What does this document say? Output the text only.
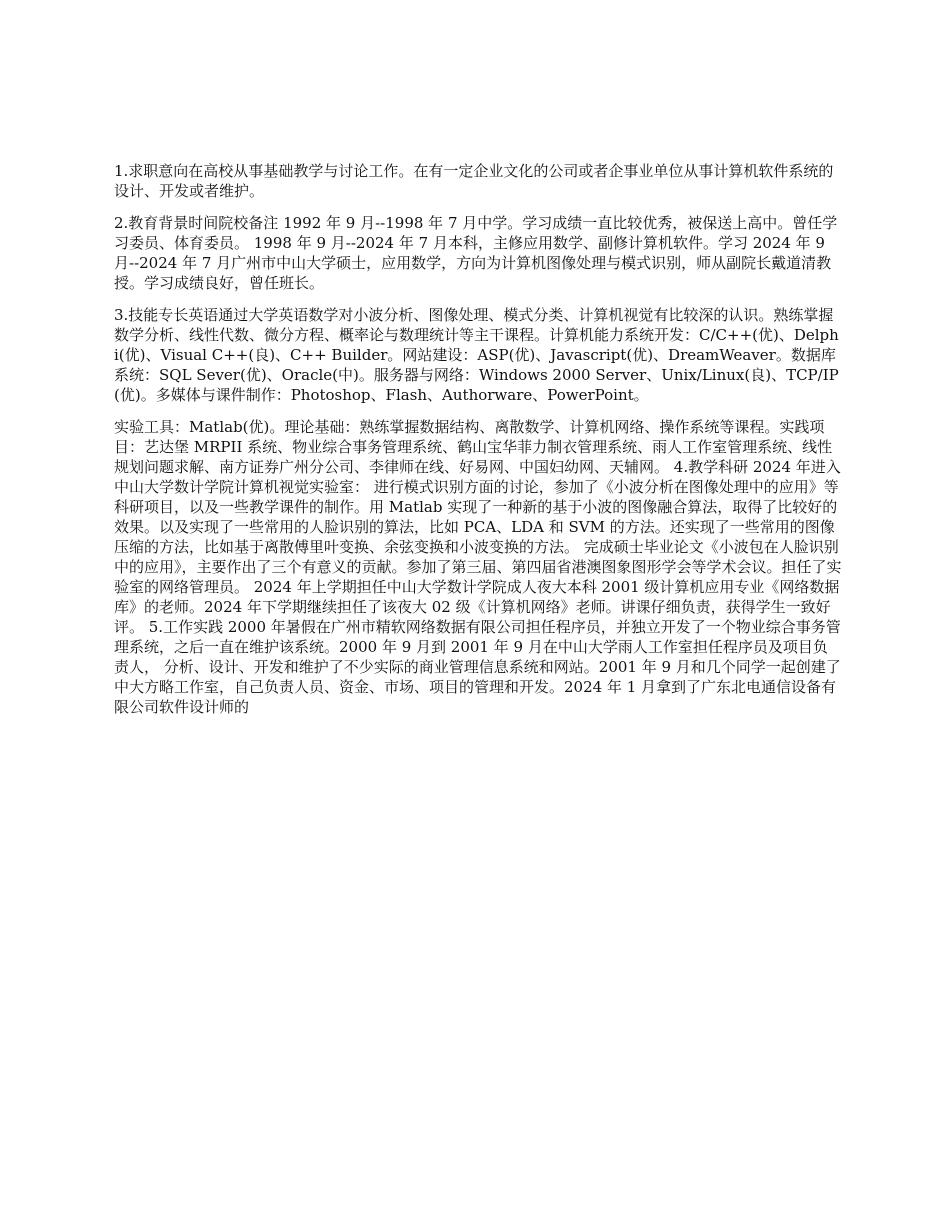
1.求职意向在高校从事基础教学与讨论工作。在有一定企业文化的公司或者企事业单位从事计算机软件系统的设计、开发或者维护。

2.教育背景时间院校备注 1992 年 9 月--1998 年 7 月中学。学习成绩一直比较优秀，被保送上高中。曾任学习委员、体育委员。 1998 年 9 月--2024 年 7 月本科，主修应用数学、副修计算机软件。学习 2024 年 9 月--2024 年 7 月广州市中山大学硕士，应用数学，方向为计算机图像处理与模式识别，师从副院长戴道清教授。学习成绩良好，曾任班长。

3.技能专长英语通过大学英语数学对小波分析、图像处理、模式分类、计算机视觉有比较深的认识。熟练掌握数学分析、线性代数、微分方程、概率论与数理统计等主干课程。计算机能力系统开发：C/C++(优)、Delphi(优)、Visual C++(良)、C++ Builder。网站建设：ASP(优)、Javascript(优)、DreamWeaver。数据库系统：SQL Sever(优)、Oracle(中)。服务器与网络：Windows 2000 Server、Unix/Linux(良)、TCP/IP(优)。多媒体与课件制作：Photoshop、Flash、Authorware、PowerPoint。

实验工具：Matlab(优)。理论基础：熟练掌握数据结构、离散数学、计算机网络、操作系统等课程。实践项目：艺达堡 MRPII 系统、物业综合事务管理系统、鹤山宝华菲力制衣管理系统、雨人工作室管理系统、线性规划问题求解、南方证券广州分公司、李律师在线、好易网、中国妇幼网、天辅网。 4.教学科研 2024 年进入中山大学数计学院计算机视觉实验室： 进行模式识别方面的讨论，参加了《小波分析在图像处理中的应用》等科研项目，以及一些教学课件的制作。用 Matlab 实现了一种新的基于小波的图像融合算法，取得了比较好的效果。以及实现了一些常用的人脸识别的算法，比如 PCA、LDA 和 SVM 的方法。还实现了一些常用的图像压缩的方法，比如基于离散傅里叶变换、余弦变换和小波变换的方法。 完成硕士毕业论文《小波包在人脸识别中的应用》，主要作出了三个有意义的贡献。参加了第三届、第四届省港澳图象图形学会等学术会议。担任了实验室的网络管理员。 2024 年上学期担任中山大学数计学院成人夜大本科 2001 级计算机应用专业《网络数据库》的老师。2024 年下学期继续担任了该夜大 02 级《计算机网络》老师。讲课仔细负责，获得学生一致好评。 5.工作实践 2000 年暑假在广州市精软网络数据有限公司担任程序员，并独立开发了一个物业综合事务管理系统，之后一直在维护该系统。2000 年 9 月到 2001 年 9 月在中山大学雨人工作室担任程序员及项目负责人， 分析、设计、开发和维护了不少实际的商业管理信息系统和网站。2001 年 9 月和几个同学一起创建了中大方略工作室，自己负责人员、资金、市场、项目的管理和开发。2024 年 1 月拿到了广东北电通信设备有限公司软件设计师的
